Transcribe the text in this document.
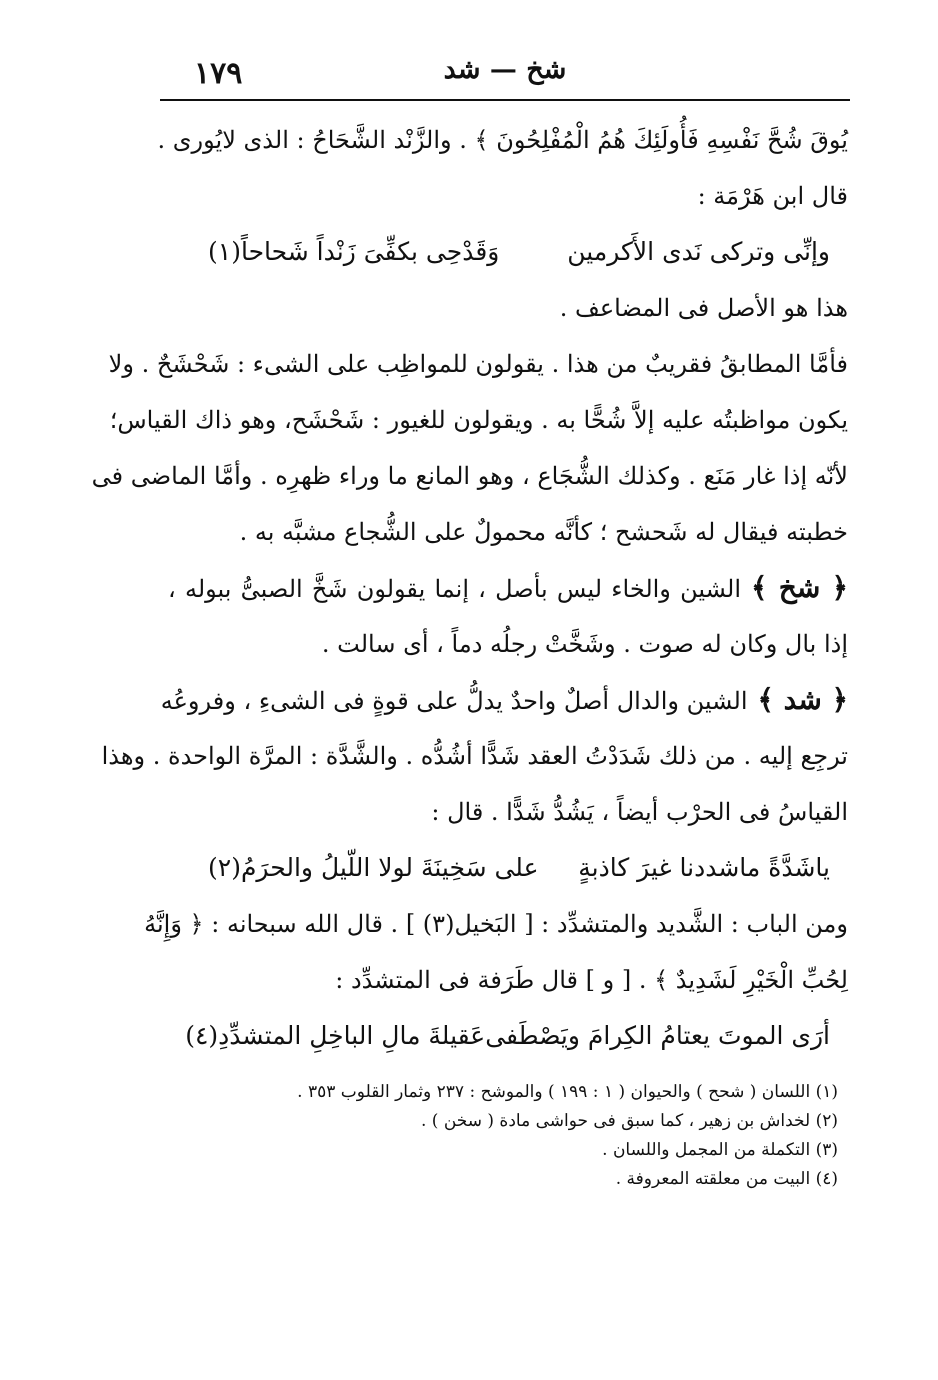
١٧٩	شخ — شد
يُوقَ شُحَّ نَفْسِهِ فَأُولَئِكَ هُمُ الْمُفْلِحُونَ ﴾ . والزَّنْد الشَّحَاحُ : الذى لايُورى .
قال ابن هَرْمَة :
وإنِّى وتركى نَدى الأَكرمين
وَقَدْحِى بكفِّىَ زَنْداً شَحاحاً(١)
هذا هو الأصل فى المضاعف .
فأمَّا المطابقُ فقريبٌ من هذا . يقولون للمواظِب على الشىء : شَحْشَحٌ . ولا
يكون مواظبتُه عليه إلاَّ شُحًّا به . ويقولون للغيور : شَحْشَح، وهو ذاك القياس؛
لأنّه إذا غار مَنَع . وكذلك الشُّجَاع ، وهو المانع ما وراء ظهرِه . وأمَّا الماضى فى
خطبته فيقال له شَحشح ؛ كأنَّه محمولٌ على الشُّجاع مشبَّه به .
﴿ شخ ﴾الشين والخاء ليس بأصل ، إنما يقولون شَخَّ الصبىُّ ببوله ،
إذا بال وكان له صوت . وشَخَّتْ رجلُه دماً ، أى سالت .
﴿ شد ﴾الشين والدال أصلٌ واحدٌ يدلُّ على قوةٍ فى الشىءِ ، وفروعُه
ترجِع إليه . من ذلك شَدَدْتُ العقد شَدًّا أشُدُّه . والشَّدَّة : المرَّة الواحدة . وهذا
القياسُ فى الحرْب أيضاً ، يَشُدُّ شَدًّا . قال :
ياشَدَّةً ماشددنا غيرَ كاذبةٍ
على سَخِينَةَ لولا اللّيلُ والحرَمُ(٢)
ومن الباب : الشَّديد والمتشدِّد : [ البَخيل(٣) ] . قال الله سبحانه : ﴿ وَإِنَّهُ
لِحُبِّ الْخَيْرِ لَشَدِيدٌ ﴾ . [ و ] قال طَرَفة فى المتشدِّد :
أرَى الموتَ يعتامُ الكِرامَ ويَصْطَفى
عَقيلةَ مالِ الباخِلِ المتشدِّدِ(٤)
(١) اللسان ( شحح ) والحيوان ( ١ : ١٩٩ ) والموشح : ٢٣٧ وثمار القلوب ٣٥٣ .
(٢) لخداش بن زهير ، كما سبق فى حواشى مادة ( سخن ) .
(٣) التكملة من المجمل واللسان .
(٤) البيت من معلقته المعروفة .
